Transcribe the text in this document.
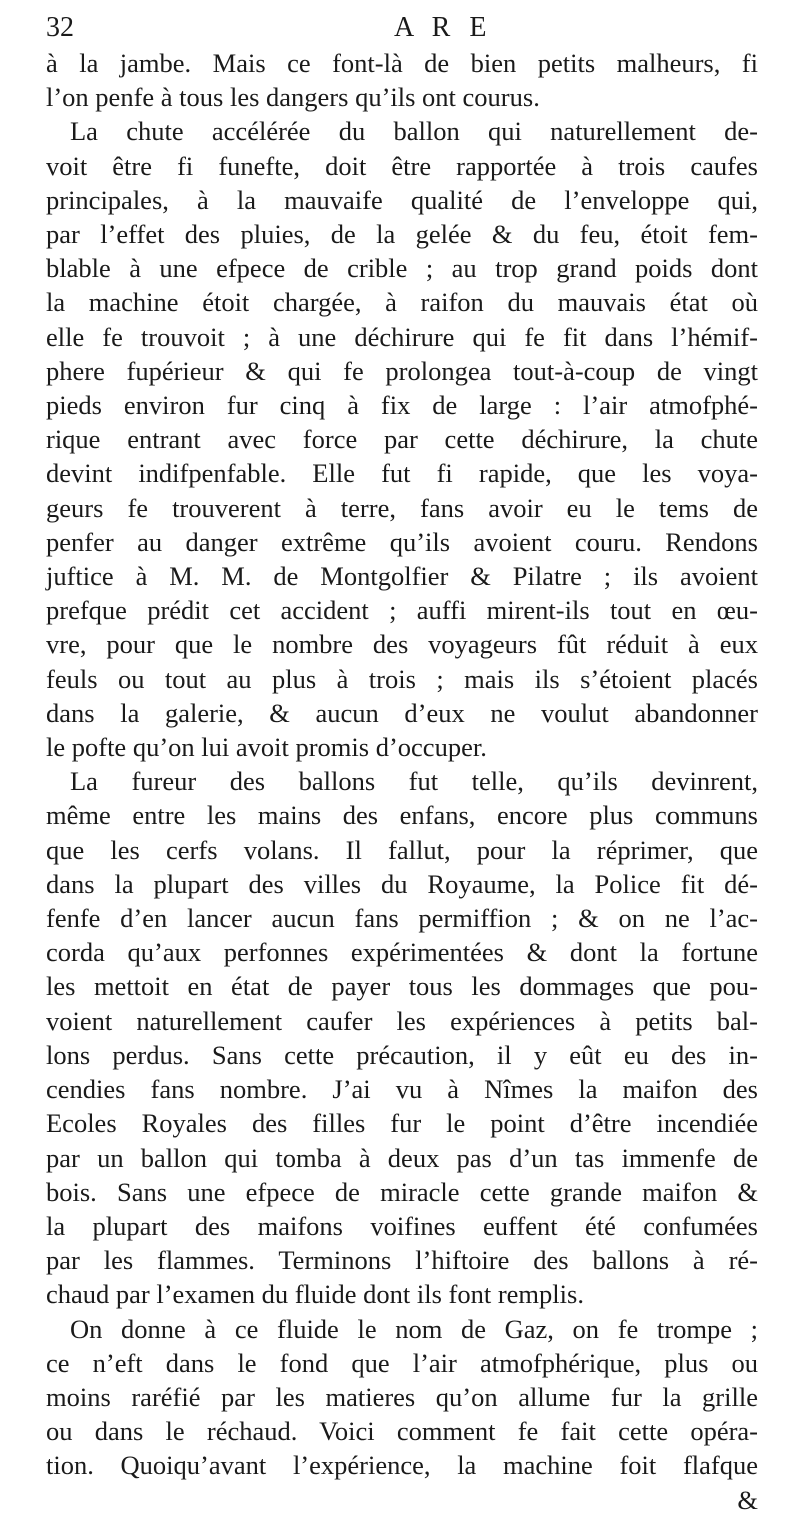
32	A R E
à la jambe. Mais ce font-là de bien petits malheurs, fi
l’on penfe à tous les dangers qu’ils ont courus.
La chute accélérée du ballon qui naturellement de-
voit être fi funefte, doit être rapportée à trois caufes
principales, à la mauvaife qualité de l’enveloppe qui,
par l’effet des pluies, de la gelée & du feu, étoit fem-
blable à une efpece de crible ; au trop grand poids dont
la machine étoit chargée, à raifon du mauvais état où
elle fe trouvoit ; à une déchirure qui fe fit dans l’hémif-
phere fupérieur & qui fe prolongea tout-à-coup de vingt
pieds environ fur cinq à fix de large : l’air atmofphé-
rique entrant avec force par cette déchirure, la chute
devint indifpenfable. Elle fut fi rapide, que les voya-
geurs fe trouverent à terre, fans avoir eu le tems de
penfer au danger extrême qu’ils avoient couru. Rendons
juftice à M. M. de Montgolfier & Pilatre ; ils avoient
prefque prédit cet accident ; auffi mirent-ils tout en œu-
vre, pour que le nombre des voyageurs fût réduit à eux
feuls ou tout au plus à trois ; mais ils s’étoient placés
dans la galerie, & aucun d’eux ne voulut abandonner
le pofte qu’on lui avoit promis d’occuper.
La fureur des ballons fut telle, qu’ils devinrent,
même entre les mains des enfans, encore plus communs
que les cerfs volans. Il fallut, pour la réprimer, que
dans la plupart des villes du Royaume, la Police fit dé-
fenfe d’en lancer aucun fans permiffion ; & on ne l’ac-
corda qu’aux perfonnes expérimentées & dont la fortune
les mettoit en état de payer tous les dommages que pou-
voient naturellement caufer les expériences à petits bal-
lons perdus. Sans cette précaution, il y eût eu des in-
cendies fans nombre. J’ai vu à Nîmes la maifon des
Ecoles Royales des filles fur le point d’être incendiée
par un ballon qui tomba à deux pas d’un tas immenfe de
bois. Sans une efpece de miracle cette grande maifon &
la plupart des maifons voifines euffent été confumées
par les flammes. Terminons l’hiftoire des ballons à ré-
chaud par l’examen du fluide dont ils font remplis.
On donne à ce fluide le nom de Gaz, on fe trompe ;
ce n’eft dans le fond que l’air atmofphérique, plus ou
moins raréfié par les matieres qu’on allume fur la grille
ou dans le réchaud. Voici comment fe fait cette opéra-
tion. Quoiqu’avant l’expérience, la machine foit flafque
&
